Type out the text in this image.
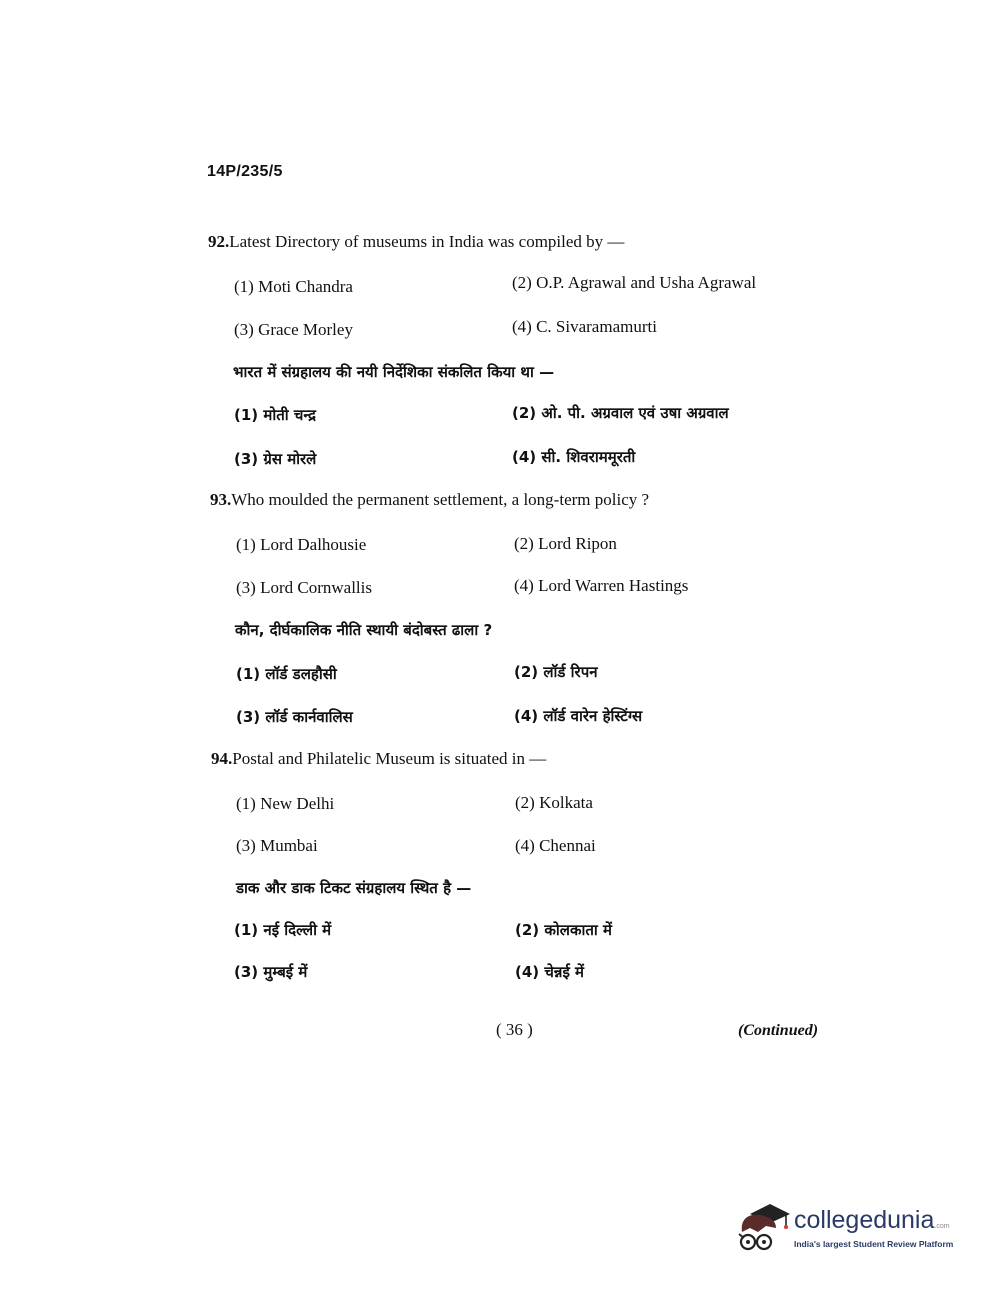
14P/235/5
92.Latest Directory of museums in India was compiled by —
(1) Moti Chandra	(2) O.P. Agrawal and Usha Agrawal
(3) Grace Morley	(4) C. Sivaramamurti
भारत में संग्रहालय की नयी निर्देशिका संकलित किया था —
(1) मोती चन्द्र	(2) ओ. पी. अग्रवाल एवं उषा अग्रवाल
(3) ग्रेस मोरले	(4) सी. शिवराममूरती
93.Who moulded the permanent settlement, a long-term policy ?
(1) Lord Dalhousie	(2) Lord Ripon
(3) Lord Cornwallis	(4) Lord Warren Hastings
कौन, दीर्घकालिक नीति स्थायी बंदोबस्त ढाला ?
(1) लॉर्ड डलहौसी	(2) लॉर्ड रिपन
(3) लॉर्ड कार्नवालिस	(4) लॉर्ड वारेन हेस्टिंग्स
94.Postal and Philatelic Museum is situated in —
(1) New Delhi	(2) Kolkata
(3) Mumbai	(4) Chennai
डाक और डाक टिकट संग्रहालय स्थित है —
(1) नई दिल्ली में	(2) कोलकाता में
(3) मुम्बई में	(4) चेन्नई में
( 36 )	(Continued)
collegedunia.com
India's largest Student Review Platform
